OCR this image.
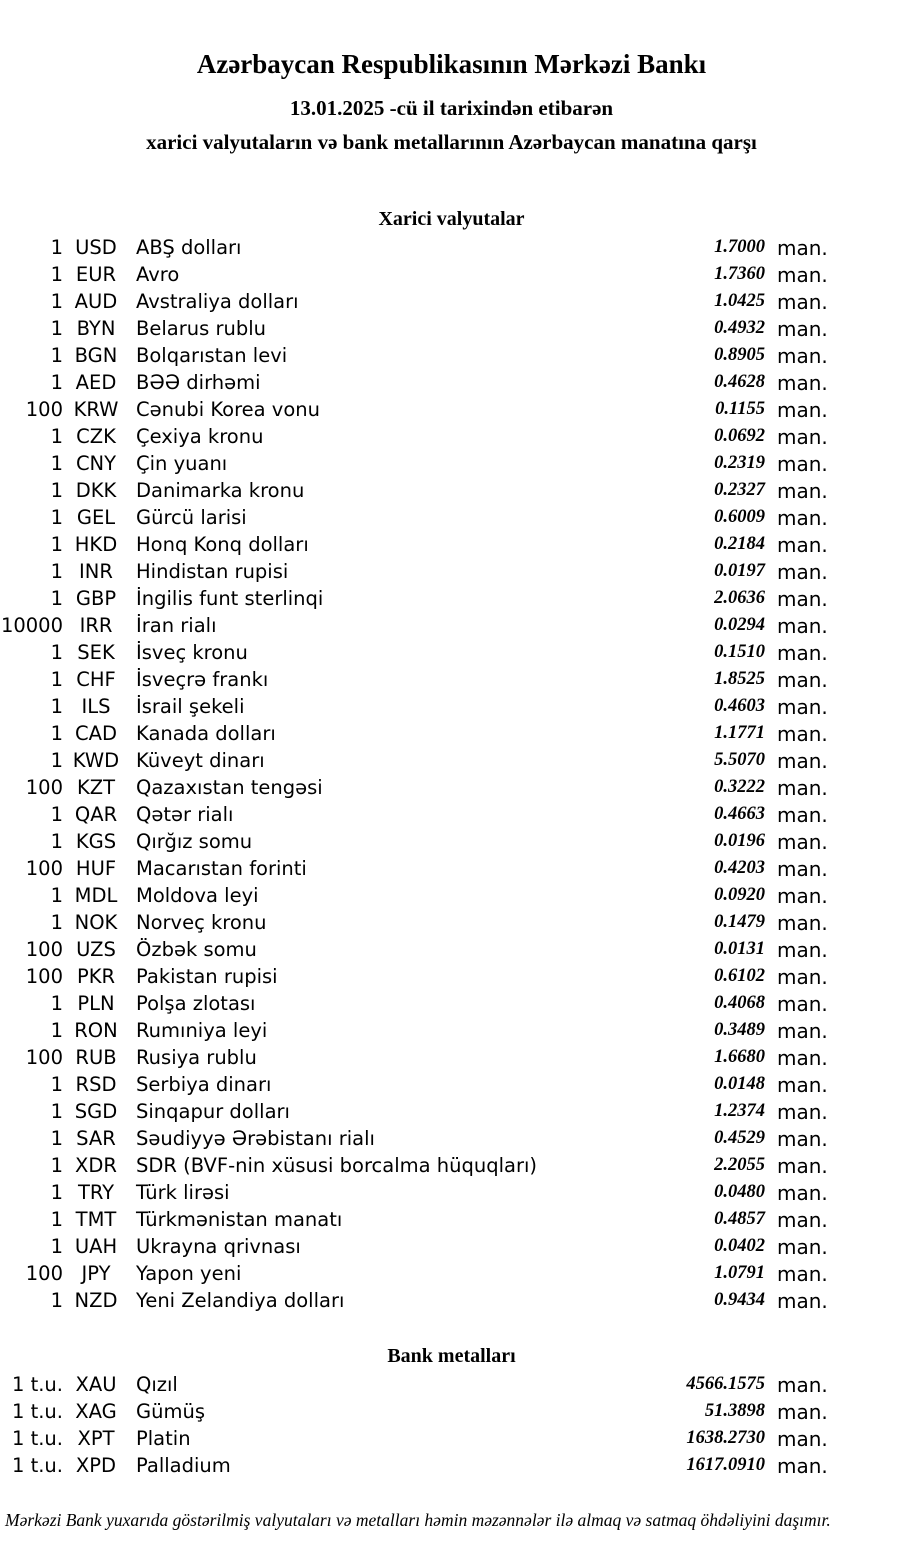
Azərbaycan Respublikasının Mərkəzi Bankı
13.01.2025 -cü il tarixindən etibarən
xarici valyutaların və bank metallarının Azərbaycan manatına qarşı
Xarici valyutalar
1 USD ABŞ dolları	1.7000 man.
1 EUR	Avro	1.7360 man.
1 AUD Avstraliya dolları	1.0425 man.
1 BYN	Belarus rublu	0.4932 man.
1 BGN Bolqarıstan levi	0.8905 man.
1 AED	BƏƏ dirhəmi	0.4628 man.
100 KRW Cənubi Korea vonu	0.1155 man.
1 CZK	Çexiya kronu	0.0692 man.
1 CNY	Çin yuanı	0.2319 man.
1 DKK	Danimarka kronu	0.2327 man.
1 GEL	Gürcü larisi	0.6009 man.
1 HKD Honq Konq dolları	0.2184 man.
1 INR	Hindistan rupisi	0.0197 man.
1 GBP	İngilis funt sterlinqi	2.0636 man.
10000 IRR	İran rialı	0.0294 man.
1 SEK	İsveç kronu	0.1510 man.
1 CHF	İsveçrə frankı	1.8525 man.
1 ILS	İsrail şekeli	0.4603 man.
1 CAD Kanada dolları	1.1771 man.
1 KWD Küveyt dinarı	5.5070 man.
100 KZT	Qazaxıstan tengəsi	0.3222 man.
1 QAR Qətər rialı	0.4663 man.
1 KGS	Qırğız somu	0.0196 man.
100 HUF	Macarıstan forinti	0.4203 man.
1 MDL Moldova leyi	0.0920 man.
1 NOK Norveç kronu	0.1479 man.
100 UZS	Özbək somu	0.0131 man.
100 PKR	Pakistan rupisi	0.6102 man.
1 PLN	Polşa zlotası	0.4068 man.
1 RON Rumıniya leyi	0.3489 man.
100 RUB Rusiya rublu	1.6680 man.
1 RSD	Serbiya dinarı	0.0148 man.
1 SGD Sinqapur dolları	1.2374 man.
1 SAR	Səudiyyə Ərəbistanı rialı	0.4529 man.
1 XDR SDR (BVF-nin xüsusi borcalma hüquqları)	2.2055 man.
1 TRY	Türk lirəsi	0.0480 man.
1 TMT	Türkmənistan manatı	0.4857 man.
1 UAH Ukrayna qrivnası	0.0402 man.
100 JPY	Yapon yeni	1.0791 man.
1 NZD Yeni Zelandiya dolları	0.9434 man.
Bank metalları
1 t.u. XAU	Qızıl	4566.1575 man.
1 t.u. XAG Gümüş	51.3898 man.
1 t.u. XPT	Platin	1638.2730 man.
1 t.u. XPD	Palladium	1617.0910 man.
Mərkəzi Bank yuxarıda göstərilmiş valyutaları və metalları həmin məzənnələr ilə almaq və satmaq öhdəliyini daşımır.
